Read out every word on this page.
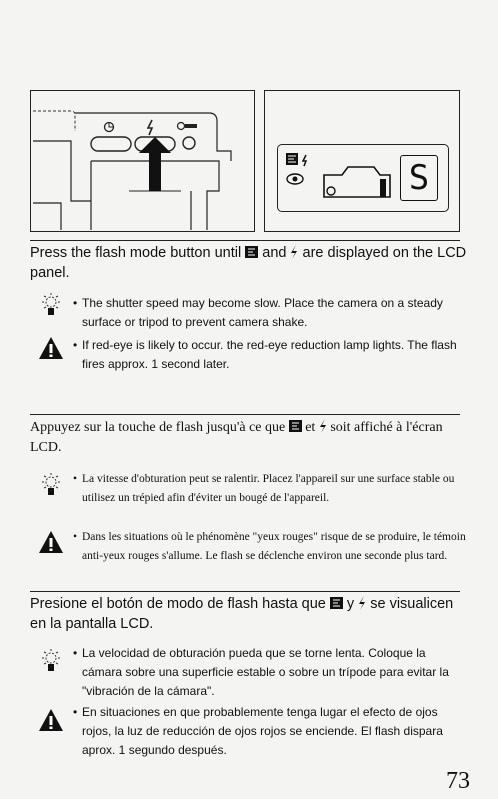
S
Press the flash mode button until and are displayed on the LCD panel.
• The shutter speed may become slow. Place the camera on a steady surface or tripod to prevent camera shake.
• If red-eye is likely to occur. the red-eye reduction lamp lights. The flash fires approx. 1 second later.
Appuyez sur la touche de flash jusqu'à ce que et soit affiché à l'écran LCD.
• La vitesse d'obturation peut se ralentir. Placez l'appareil sur une surface stable ou utilisez un trépied afin d'éviter un bougé de l'appareil.
• Dans les situations où le phénomène "yeux rouges" risque de se produire, le témoin anti-yeux rouges s'allume. Le flash se déclenche environ une seconde plus tard.
Presione el botón de modo de flash hasta que y se visualicen en la pantalla LCD.
• La velocidad de obturación pueda que se torne lenta. Coloque la cámara sobre una superficie estable o sobre un trípode para evitar la "vibración de la cámara".
• En situaciones en que probablemente tenga lugar el efecto de ojos rojos, la luz de reducción de ojos rojos se enciende. El flash dispara aprox. 1 segundo después.
73
